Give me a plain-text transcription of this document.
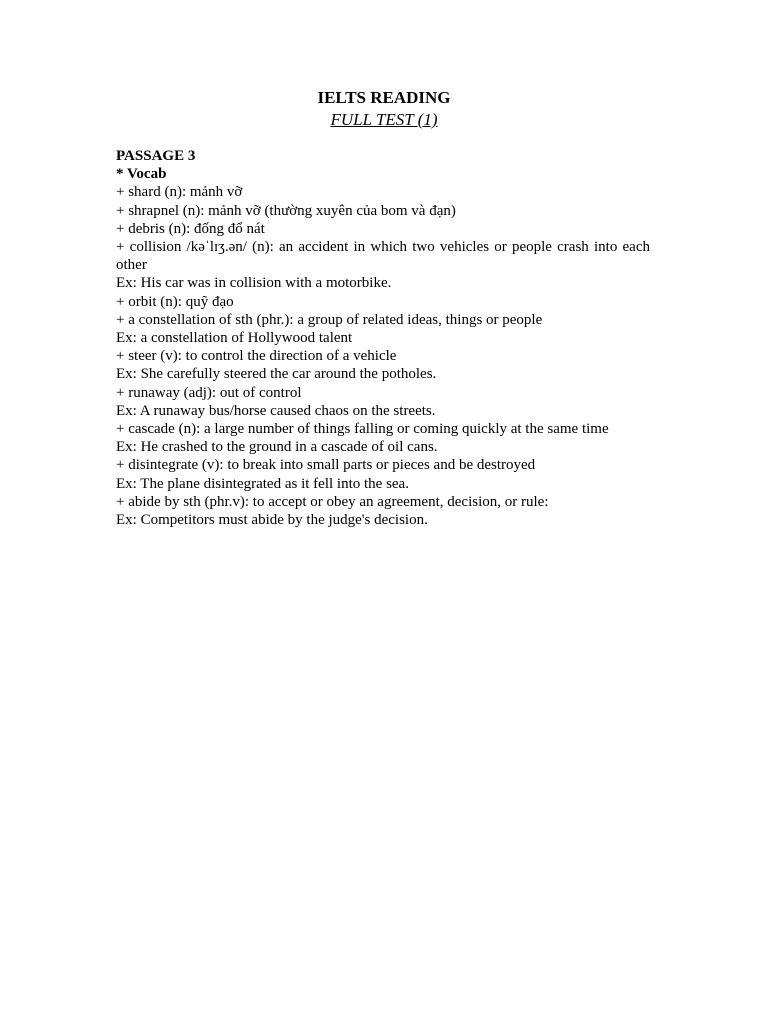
IELTS READING
FULL TEST (1)
PASSAGE 3
* Vocab
+ shard (n): mảnh vỡ
+ shrapnel (n): mảnh vỡ (thường xuyên của bom và đạn)
+ debris (n): đống đổ nát
+ collision /kəˈlɪʒ.ən/ (n): an accident in which two vehicles or people crash into each other
Ex: His car was in collision with a motorbike.
+ orbit (n): quỹ đạo
+ a constellation of sth (phr.): a group of related ideas, things or people
Ex: a constellation of Hollywood talent
+ steer (v): to control the direction of a vehicle
Ex: She carefully steered the car around the potholes.
+ runaway (adj): out of control
Ex: A runaway bus/horse caused chaos on the streets.
+ cascade (n): a large number of things falling or coming quickly at the same time
Ex: He crashed to the ground in a cascade of oil cans.
+ disintegrate (v): to break into small parts or pieces and be destroyed
Ex: The plane disintegrated as it fell into the sea.
+ abide by sth (phr.v): to accept or obey an agreement, decision, or rule:
Ex: Competitors must abide by the judge's decision.
